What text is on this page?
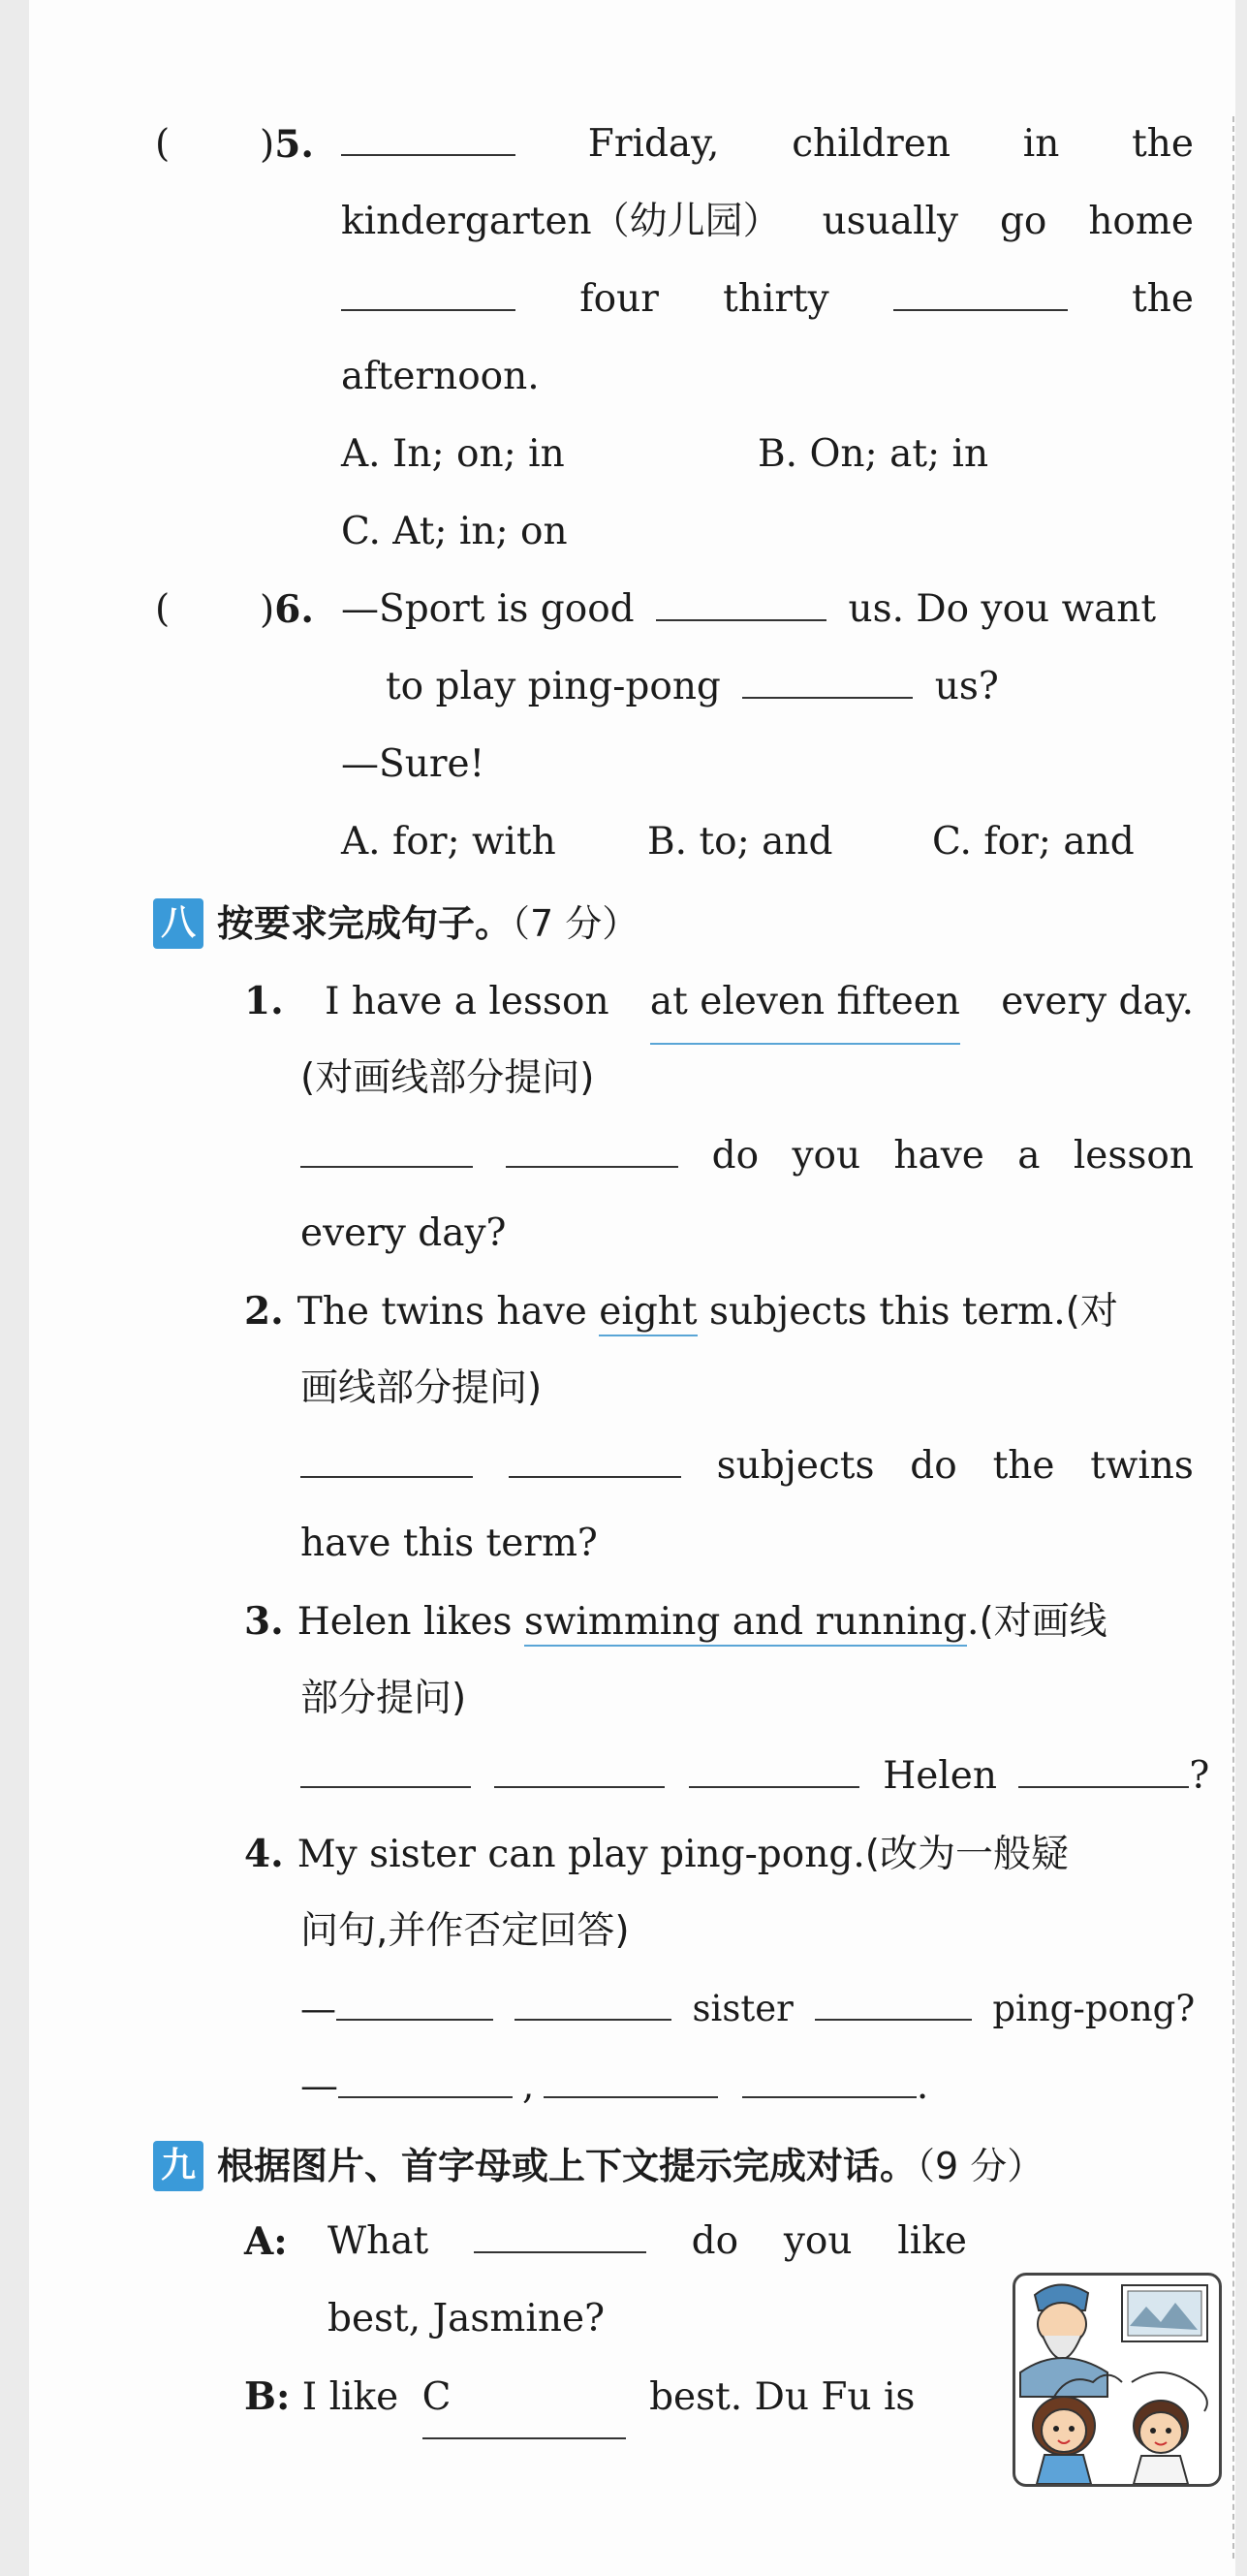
( )5.	Friday, children in the
kindergarten（幼儿园） usually go home
four thirty	the
afternoon.
A. In; on; in	B. On; at; in
C. At; in; on
( )6. —Sport is good	us. Do you want
to play ping-pong	us?
—Sure!
A. for; with B. to; and	C. for; and
八 按要求完成句子。（7 分）
1. I have a lesson at eleven fifteen every day.
(对画线部分提问)
do you have a lesson
every day?
2. The twins have eight subjects this term.(对
画线部分提问)
subjects do the twins
have this term?
3. Helen likes swimming and running.(对画线
部分提问)
Helen	?
4. My sister can play ping-pong.(改为一般疑
问句,并作否定回答)
—	sister	ping-pong?
—	,	.
九 根据图片、首字母或上下文提示完成对话。（9 分）
A: What	do you like
best, Jasmine?
B: I like C	best. Du Fu is
